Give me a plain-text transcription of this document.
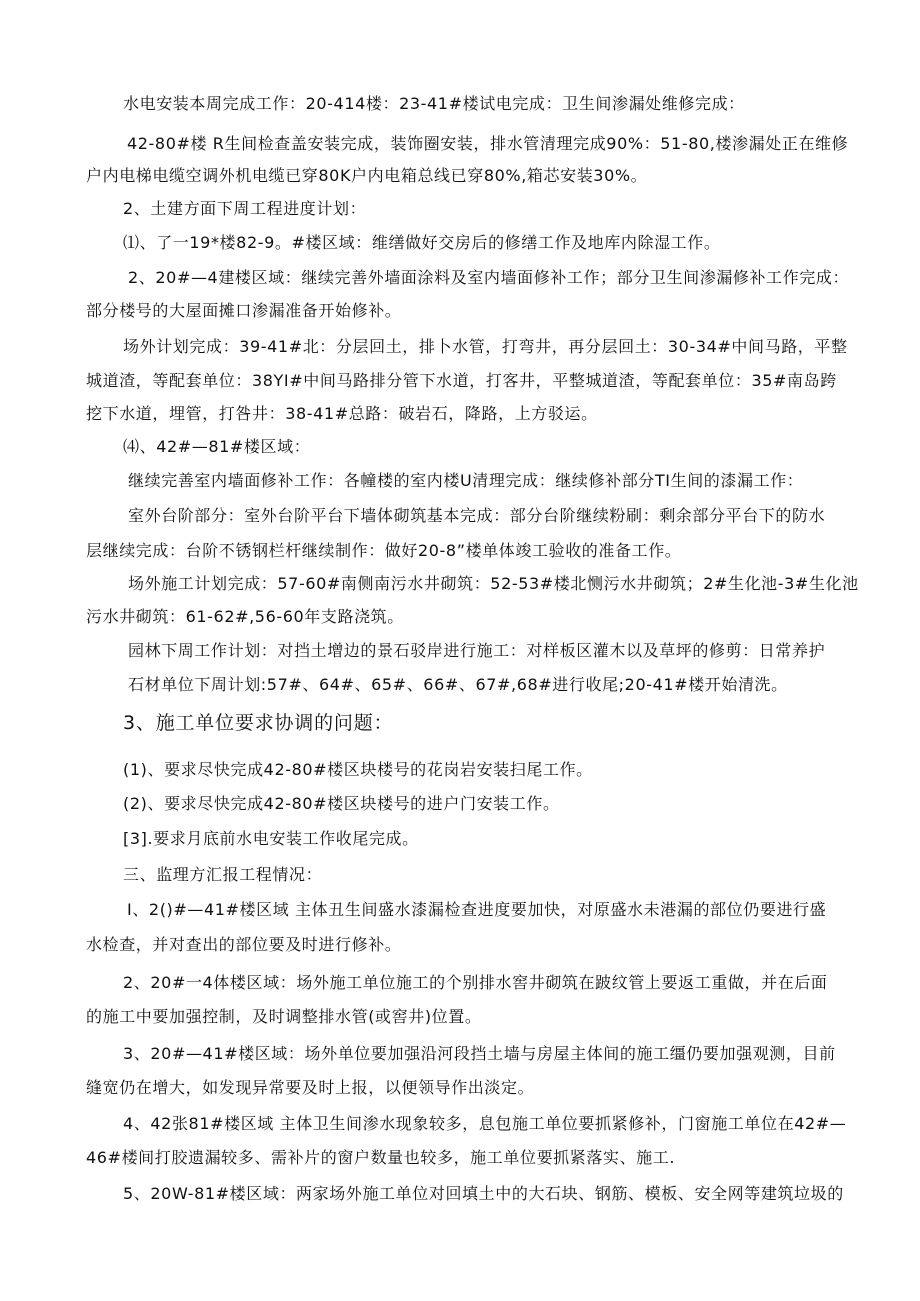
水电安装本周完成工作：20-414楼：23-41#楼试电完成：卫生间渗漏处维修完成：
42-80#楼 R生间检查盖安装完成，装饰圈安装，排水管清理完成90%：51-80,楼渗漏处正在维修
户内电梯电缆空调外机电缆已穿80K户内电箱总线已穿80%,箱芯安装30%。
2、土建方面下周工程进度计划：
⑴、了一19*楼82-9。#楼区域：维缮做好交房后的修缮工作及地库内除湿工作。
2、20#—4建楼区域：继续完善外墙面涂料及室内墙面修补工作；部分卫生间渗漏修补工作完成：
部分楼号的大屋面摊口渗漏准备开始修补。
场外计划完成：39-41#北：分层回土，排卜水管，打弯井，再分层回土：30-34#中间马路，平整
城道渣，等配套单位：38YI#中间马路排分管下水道，打客井，平整城道渣，等配套单位：35#南岛跨
挖下水道，埋管，打咎井：38-41#总路：破岩石，降路，上方驳运。
⑷、42#—81#楼区域：
继续完善室内墙面修补工作：各幢楼的室内楼U清理完成：继续修补部分TI生间的漆漏工作：
室外台阶部分：室外台阶平台下墙体砌筑基本完成：部分台阶继续粉刷：剩余部分平台下的防水
层继续完成：台阶不锈钢栏杆继续制作：做好20-8”楼单体竣工验收的准备工作。
场外施工计划完成：57-60#南侧南污水井砌筑：52-53#楼北恻污水井砌筑；2#生化池-3#生化池
污水井砌筑：61-62#,56-60年支路浇筑。
园林下周工作计划：对挡土增边的景石驳岸进行施工：对样板区灌木以及草坪的修剪：日常养护
石材单位下周计划:57#、64#、65#、66#、67#,68#进行收尾;20-41#楼开始清洗。
3、施工单位要求协调的问题：
(1)、要求尽快完成42-80#楼区块楼号的花岗岩安装扫尾工作。
(2)、要求尽快完成42-80#楼区块楼号的进户门安装工作。
[3].要求月底前水电安装工作收尾完成。
三、监理方汇报工程情况：
I、2()#—41#楼区域 主体丑生间盛水漆漏检查进度要加快，对原盛水未港漏的部位仍要进行盛
水检查，并对查出的部位要及时进行修补。
2、20#一4体楼区域：场外施工单位施工的个别排水窖井砌筑在跛纹管上要返工重做，并在后面
的施工中要加强控制，及时调整排水管(或窖井)位置。
3、20#—41#楼区域：场外单位要加强沿河段挡土墙与房屋主体间的施工缰仍要加强观测，目前
缝宽仍在增大，如发现异常要及时上报，以便领导作出淡定。
4、42张81#楼区域 主体卫生间渗水现象较多，息包施工单位要抓紧修补，门窗施工单位在42#—
46#楼间打胶遗漏较多、需补片的窗户数量也较多，施工单位要抓紧落实、施工.
5、20W-81#楼区域：两家场外施工单位对回填土中的大石块、钢筋、模板、安全网等建筑垃圾的
